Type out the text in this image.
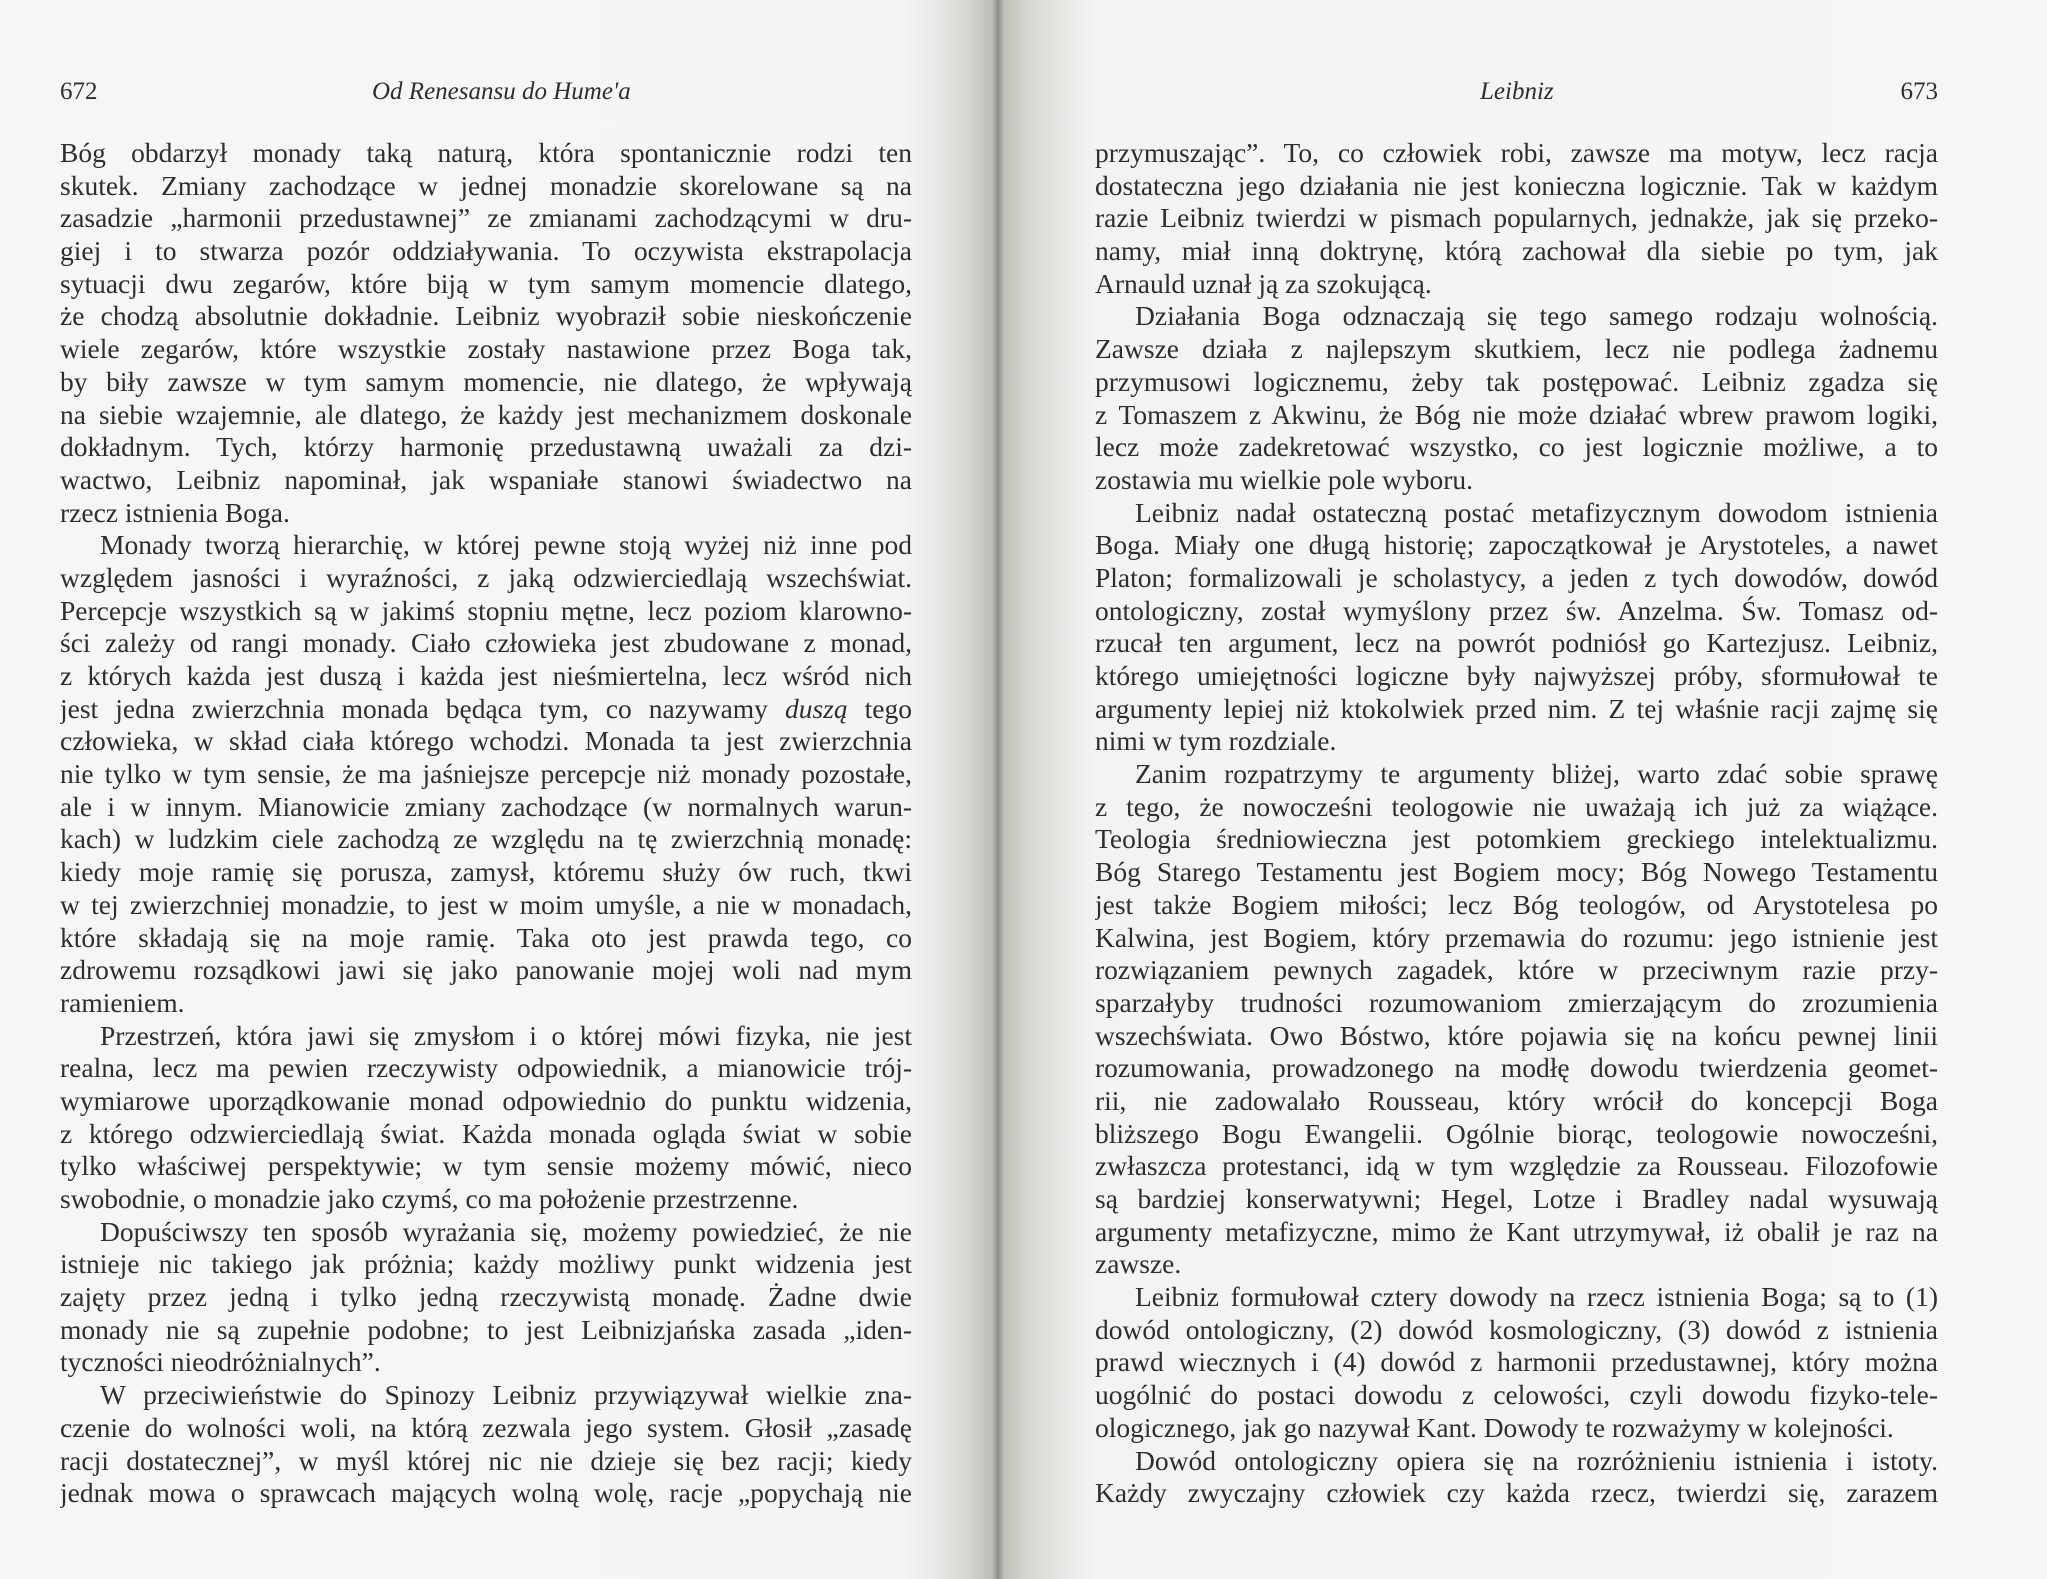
672	Od Renesansu do Hume'a
Bóg obdarzył monady taką naturą, która spontanicznie rodzi ten
skutek. Zmiany zachodzące w jednej monadzie skorelowane są na
zasadzie „harmonii przedustawnej” ze zmianami zachodzącymi w dru-
giej i to stwarza pozór oddziaływania. To oczywista ekstrapolacja
sytuacji dwu zegarów, które biją w tym samym momencie dlatego,
że chodzą absolutnie dokładnie. Leibniz wyobraził sobie nieskończenie
wiele zegarów, które wszystkie zostały nastawione przez Boga tak,
by biły zawsze w tym samym momencie, nie dlatego, że wpływają
na siebie wzajemnie, ale dlatego, że każdy jest mechanizmem doskonale
dokładnym. Tych, którzy harmonię przedustawną uważali za dzi-
wactwo, Leibniz napominał, jak wspaniałe stanowi świadectwo na
rzecz istnienia Boga.
Monady tworzą hierarchię, w której pewne stoją wyżej niż inne pod
względem jasności i wyraźności, z jaką odzwierciedlają wszechświat.
Percepcje wszystkich są w jakimś stopniu mętne, lecz poziom klarowno-
ści zależy od rangi monady. Ciało człowieka jest zbudowane z monad,
z których każda jest duszą i każda jest nieśmiertelna, lecz wśród nich
jest jedna zwierzchnia monada będąca tym, co nazywamy duszą tego
człowieka, w skład ciała którego wchodzi. Monada ta jest zwierzchnia
nie tylko w tym sensie, że ma jaśniejsze percepcje niż monady pozostałe,
ale i w innym. Mianowicie zmiany zachodzące (w normalnych warun-
kach) w ludzkim ciele zachodzą ze względu na tę zwierzchnią monadę:
kiedy moje ramię się porusza, zamysł, któremu służy ów ruch, tkwi
w tej zwierzchniej monadzie, to jest w moim umyśle, a nie w monadach,
które składają się na moje ramię. Taka oto jest prawda tego, co
zdrowemu rozsądkowi jawi się jako panowanie mojej woli nad mym
ramieniem.
Przestrzeń, która jawi się zmysłom i o której mówi fizyka, nie jest
realna, lecz ma pewien rzeczywisty odpowiednik, a mianowicie trój-
wymiarowe uporządkowanie monad odpowiednio do punktu widzenia,
z którego odzwierciedlają świat. Każda monada ogląda świat w sobie
tylko właściwej perspektywie; w tym sensie możemy mówić, nieco
swobodnie, o monadzie jako czymś, co ma położenie przestrzenne.
Dopuściwszy ten sposób wyrażania się, możemy powiedzieć, że nie
istnieje nic takiego jak próżnia; każdy możliwy punkt widzenia jest
zajęty przez jedną i tylko jedną rzeczywistą monadę. Żadne dwie
monady nie są zupełnie podobne; to jest Leibnizjańska zasada „iden-
tyczności nieodróżnialnych”.
W przeciwieństwie do Spinozy Leibniz przywiązywał wielkie zna-
czenie do wolności woli, na którą zezwala jego system. Głosił „zasadę
racji dostatecznej”, w myśl której nic nie dzieje się bez racji; kiedy
jednak mowa o sprawcach mających wolną wolę, racje „popychają nie
Leibniz	673
przymuszając”. To, co człowiek robi, zawsze ma motyw, lecz racja
dostateczna jego działania nie jest konieczna logicznie. Tak w każdym
razie Leibniz twierdzi w pismach popularnych, jednakże, jak się przeko-
namy, miał inną doktrynę, którą zachował dla siebie po tym, jak
Arnauld uznał ją za szokującą.
Działania Boga odznaczają się tego samego rodzaju wolnością.
Zawsze działa z najlepszym skutkiem, lecz nie podlega żadnemu
przymusowi logicznemu, żeby tak postępować. Leibniz zgadza się
z Tomaszem z Akwinu, że Bóg nie może działać wbrew prawom logiki,
lecz może zadekretować wszystko, co jest logicznie możliwe, a to
zostawia mu wielkie pole wyboru.
Leibniz nadał ostateczną postać metafizycznym dowodom istnienia
Boga. Miały one długą historię; zapoczątkował je Arystoteles, a nawet
Platon; formalizowali je scholastycy, a jeden z tych dowodów, dowód
ontologiczny, został wymyślony przez św. Anzelma. Św. Tomasz od-
rzucał ten argument, lecz na powrót podniósł go Kartezjusz. Leibniz,
którego umiejętności logiczne były najwyższej próby, sformułował te
argumenty lepiej niż ktokolwiek przed nim. Z tej właśnie racji zajmę się
nimi w tym rozdziale.
Zanim rozpatrzymy te argumenty bliżej, warto zdać sobie sprawę
z tego, że nowocześni teologowie nie uważają ich już za wiążące.
Teologia średniowieczna jest potomkiem greckiego intelektualizmu.
Bóg Starego Testamentu jest Bogiem mocy; Bóg Nowego Testamentu
jest także Bogiem miłości; lecz Bóg teologów, od Arystotelesa po
Kalwina, jest Bogiem, który przemawia do rozumu: jego istnienie jest
rozwiązaniem pewnych zagadek, które w przeciwnym razie przy-
sparzałyby trudności rozumowaniom zmierzającym do zrozumienia
wszechświata. Owo Bóstwo, które pojawia się na końcu pewnej linii
rozumowania, prowadzonego na modłę dowodu twierdzenia geomet-
rii, nie zadowalało Rousseau, który wrócił do koncepcji Boga
bliższego Bogu Ewangelii. Ogólnie biorąc, teologowie nowocześni,
zwłaszcza protestanci, idą w tym względzie za Rousseau. Filozofowie
są bardziej konserwatywni; Hegel, Lotze i Bradley nadal wysuwają
argumenty metafizyczne, mimo że Kant utrzymywał, iż obalił je raz na
zawsze.
Leibniz formułował cztery dowody na rzecz istnienia Boga; są to (1)
dowód ontologiczny, (2) dowód kosmologiczny, (3) dowód z istnienia
prawd wiecznych i (4) dowód z harmonii przedustawnej, który można
uogólnić do postaci dowodu z celowości, czyli dowodu fizyko-tele-
ologicznego, jak go nazywał Kant. Dowody te rozważymy w kolejności.
Dowód ontologiczny opiera się na rozróżnieniu istnienia i istoty.
Każdy zwyczajny człowiek czy każda rzecz, twierdzi się, zarazem
